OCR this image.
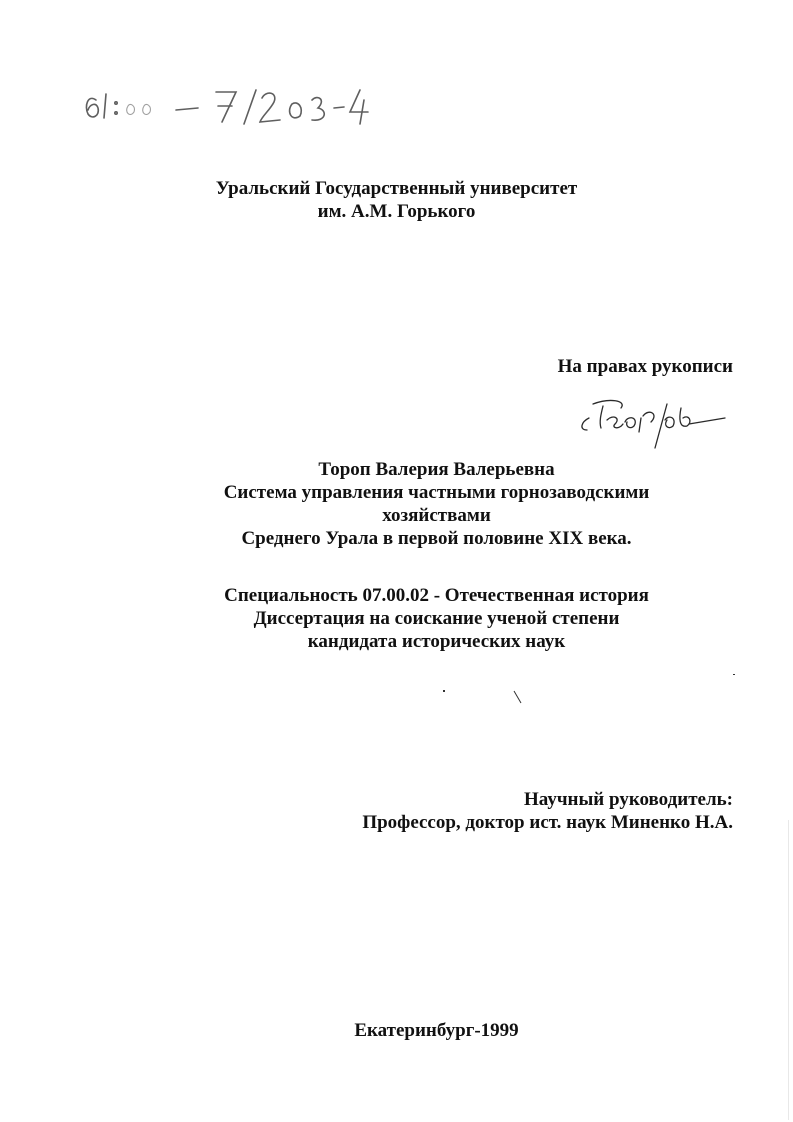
Уральский Государственный университет
им. А.М. Горького
На правах рукописи
Тороп Валерия Валерьевна
Система управления частными горнозаводскими
хозяйствами
Среднего Урала в первой половине XIX века.
Специальность 07.00.02 - Отечественная история
Диссертация на соискание ученой степени
кандидата исторических наук
Научный руководитель:
Профессор, доктор ист. наук Миненко Н.А.
Екатеринбург-1999
